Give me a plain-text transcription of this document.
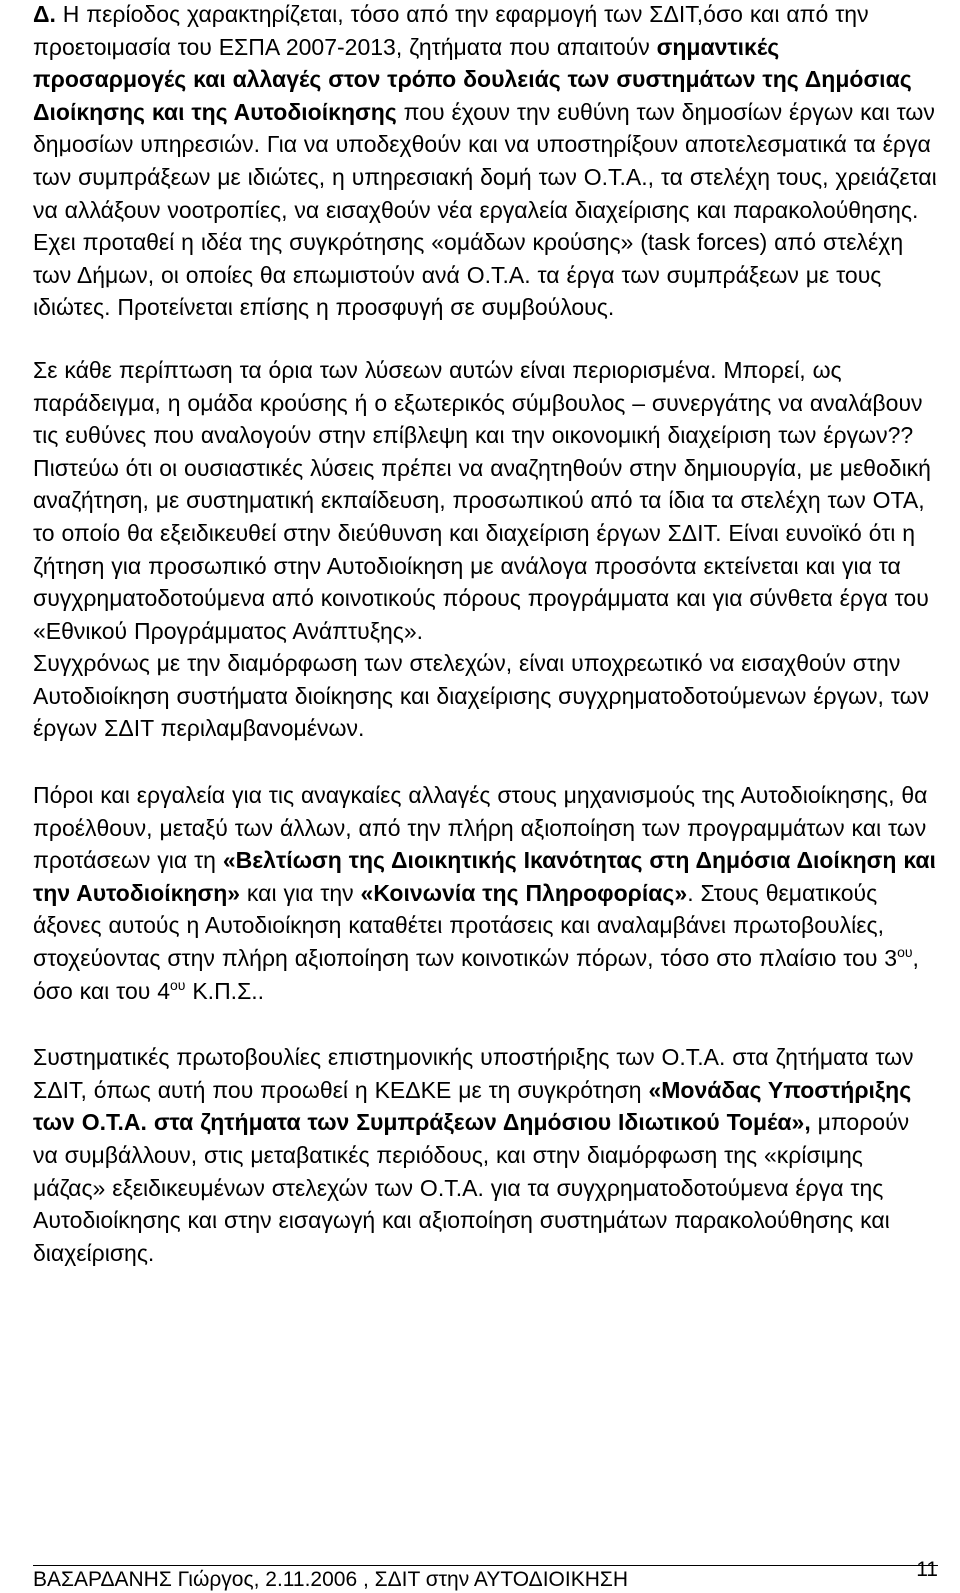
Δ. Η περίοδος χαρακτηρίζεται, τόσο από την εφαρμογή των ΣΔΙΤ,όσο και από την προετοιμασία του ΕΣΠΑ 2007-2013, ζητήματα που απαιτούν σημαντικές προσαρμογές και αλλαγές στον τρόπο δουλειάς των συστημάτων της Δημόσιας Διοίκησης και της Αυτοδιοίκησης που έχουν την ευθύνη των δημοσίων έργων και των δημοσίων υπηρεσιών. Για να υποδεχθούν και να υποστηρίξουν αποτελεσματικά τα έργα των συμπράξεων με ιδιώτες, η υπηρεσιακή δομή των Ο.Τ.Α., τα στελέχη τους, χρειάζεται να αλλάξουν νοοτροπίες, να εισαχθούν νέα εργαλεία διαχείρισης και παρακολούθησης. Εχει προταθεί η ιδέα της συγκρότησης «ομάδων κρούσης» (task forces) από στελέχη των Δήμων, οι οποίες θα επωμιστούν ανά Ο.Τ.Α. τα έργα των συμπράξεων με τους ιδιώτες. Προτείνεται επίσης η προσφυγή σε συμβούλους.

Σε κάθε περίπτωση τα όρια των λύσεων αυτών είναι περιορισμένα. Μπορεί, ως παράδειγμα, η ομάδα κρούσης ή ο εξωτερικός σύμβουλος – συνεργάτης να αναλάβουν τις ευθύνες που αναλογούν στην επίβλεψη και την οικονομική διαχείριση των έργων??

Πιστεύω ότι οι ουσιαστικές λύσεις πρέπει να αναζητηθούν στην δημιουργία, με μεθοδική αναζήτηση, με συστηματική εκπαίδευση, προσωπικού από τα ίδια τα στελέχη των ΟΤΑ, το οποίο θα εξειδικευθεί στην διεύθυνση και διαχείριση έργων ΣΔΙΤ. Είναι ευνοϊκό ότι η ζήτηση για προσωπικό στην Αυτοδιοίκηση με ανάλογα προσόντα εκτείνεται και για τα συγχρηματοδοτούμενα από κοινοτικούς πόρους προγράμματα και για σύνθετα έργα του «Εθνικού Προγράμματος Ανάπτυξης».

Συγχρόνως με την διαμόρφωση των στελεχών, είναι υποχρεωτικό να εισαχθούν στην Αυτοδιοίκηση συστήματα διοίκησης και διαχείρισης συγχρηματοδοτούμενων έργων, των έργων ΣΔΙΤ περιλαμβανομένων.

Πόροι και εργαλεία για τις αναγκαίες αλλαγές στους μηχανισμούς της Αυτοδιοίκησης, θα προέλθουν, μεταξύ των άλλων, από την πλήρη αξιοποίηση των προγραμμάτων και των προτάσεων για τη «Βελτίωση της Διοικητικής Ικανότητας στη Δημόσια Διοίκηση και την Αυτοδιοίκηση» και για την «Κοινωνία της Πληροφορίας». Στους θεματικούς άξονες αυτούς η Αυτοδιοίκηση καταθέτει προτάσεις και αναλαμβάνει πρωτοβουλίες, στοχεύοντας στην πλήρη αξιοποίηση των κοινοτικών πόρων, τόσο στο πλαίσιο του $3^{o\upsilon}$, όσο και του $4^{o\upsilon}$ Κ.Π.Σ..

Συστηματικές πρωτοβουλίες επιστημονικής υποστήριξης των Ο.Τ.Α. στα ζητήματα των ΣΔΙΤ, όπως αυτή που προωθεί η ΚΕΔΚΕ με τη συγκρότηση «Μονάδας Υποστήριξης των Ο.Τ.Α. στα ζητήματα των Συμπράξεων Δημόσιου Ιδιωτικού Τομέα», μπορούν να συμβάλλουν, στις μεταβατικές περιόδους, και στην διαμόρφωση της «κρίσιμης μάζας» εξειδικευμένων στελεχών των Ο.Τ.Α. για τα συγχρηματοδοτούμενα έργα της Αυτοδιοίκησης και στην εισαγωγή και αξιοποίηση συστημάτων παρακολούθησης και διαχείρισης.

ΒΑΣΑΡΔΑΝΗΣ Γιώργος, 2.11.2006 , ΣΔΙΤ στην ΑΥΤΟΔΙΟΙΚΗΣΗ	11
